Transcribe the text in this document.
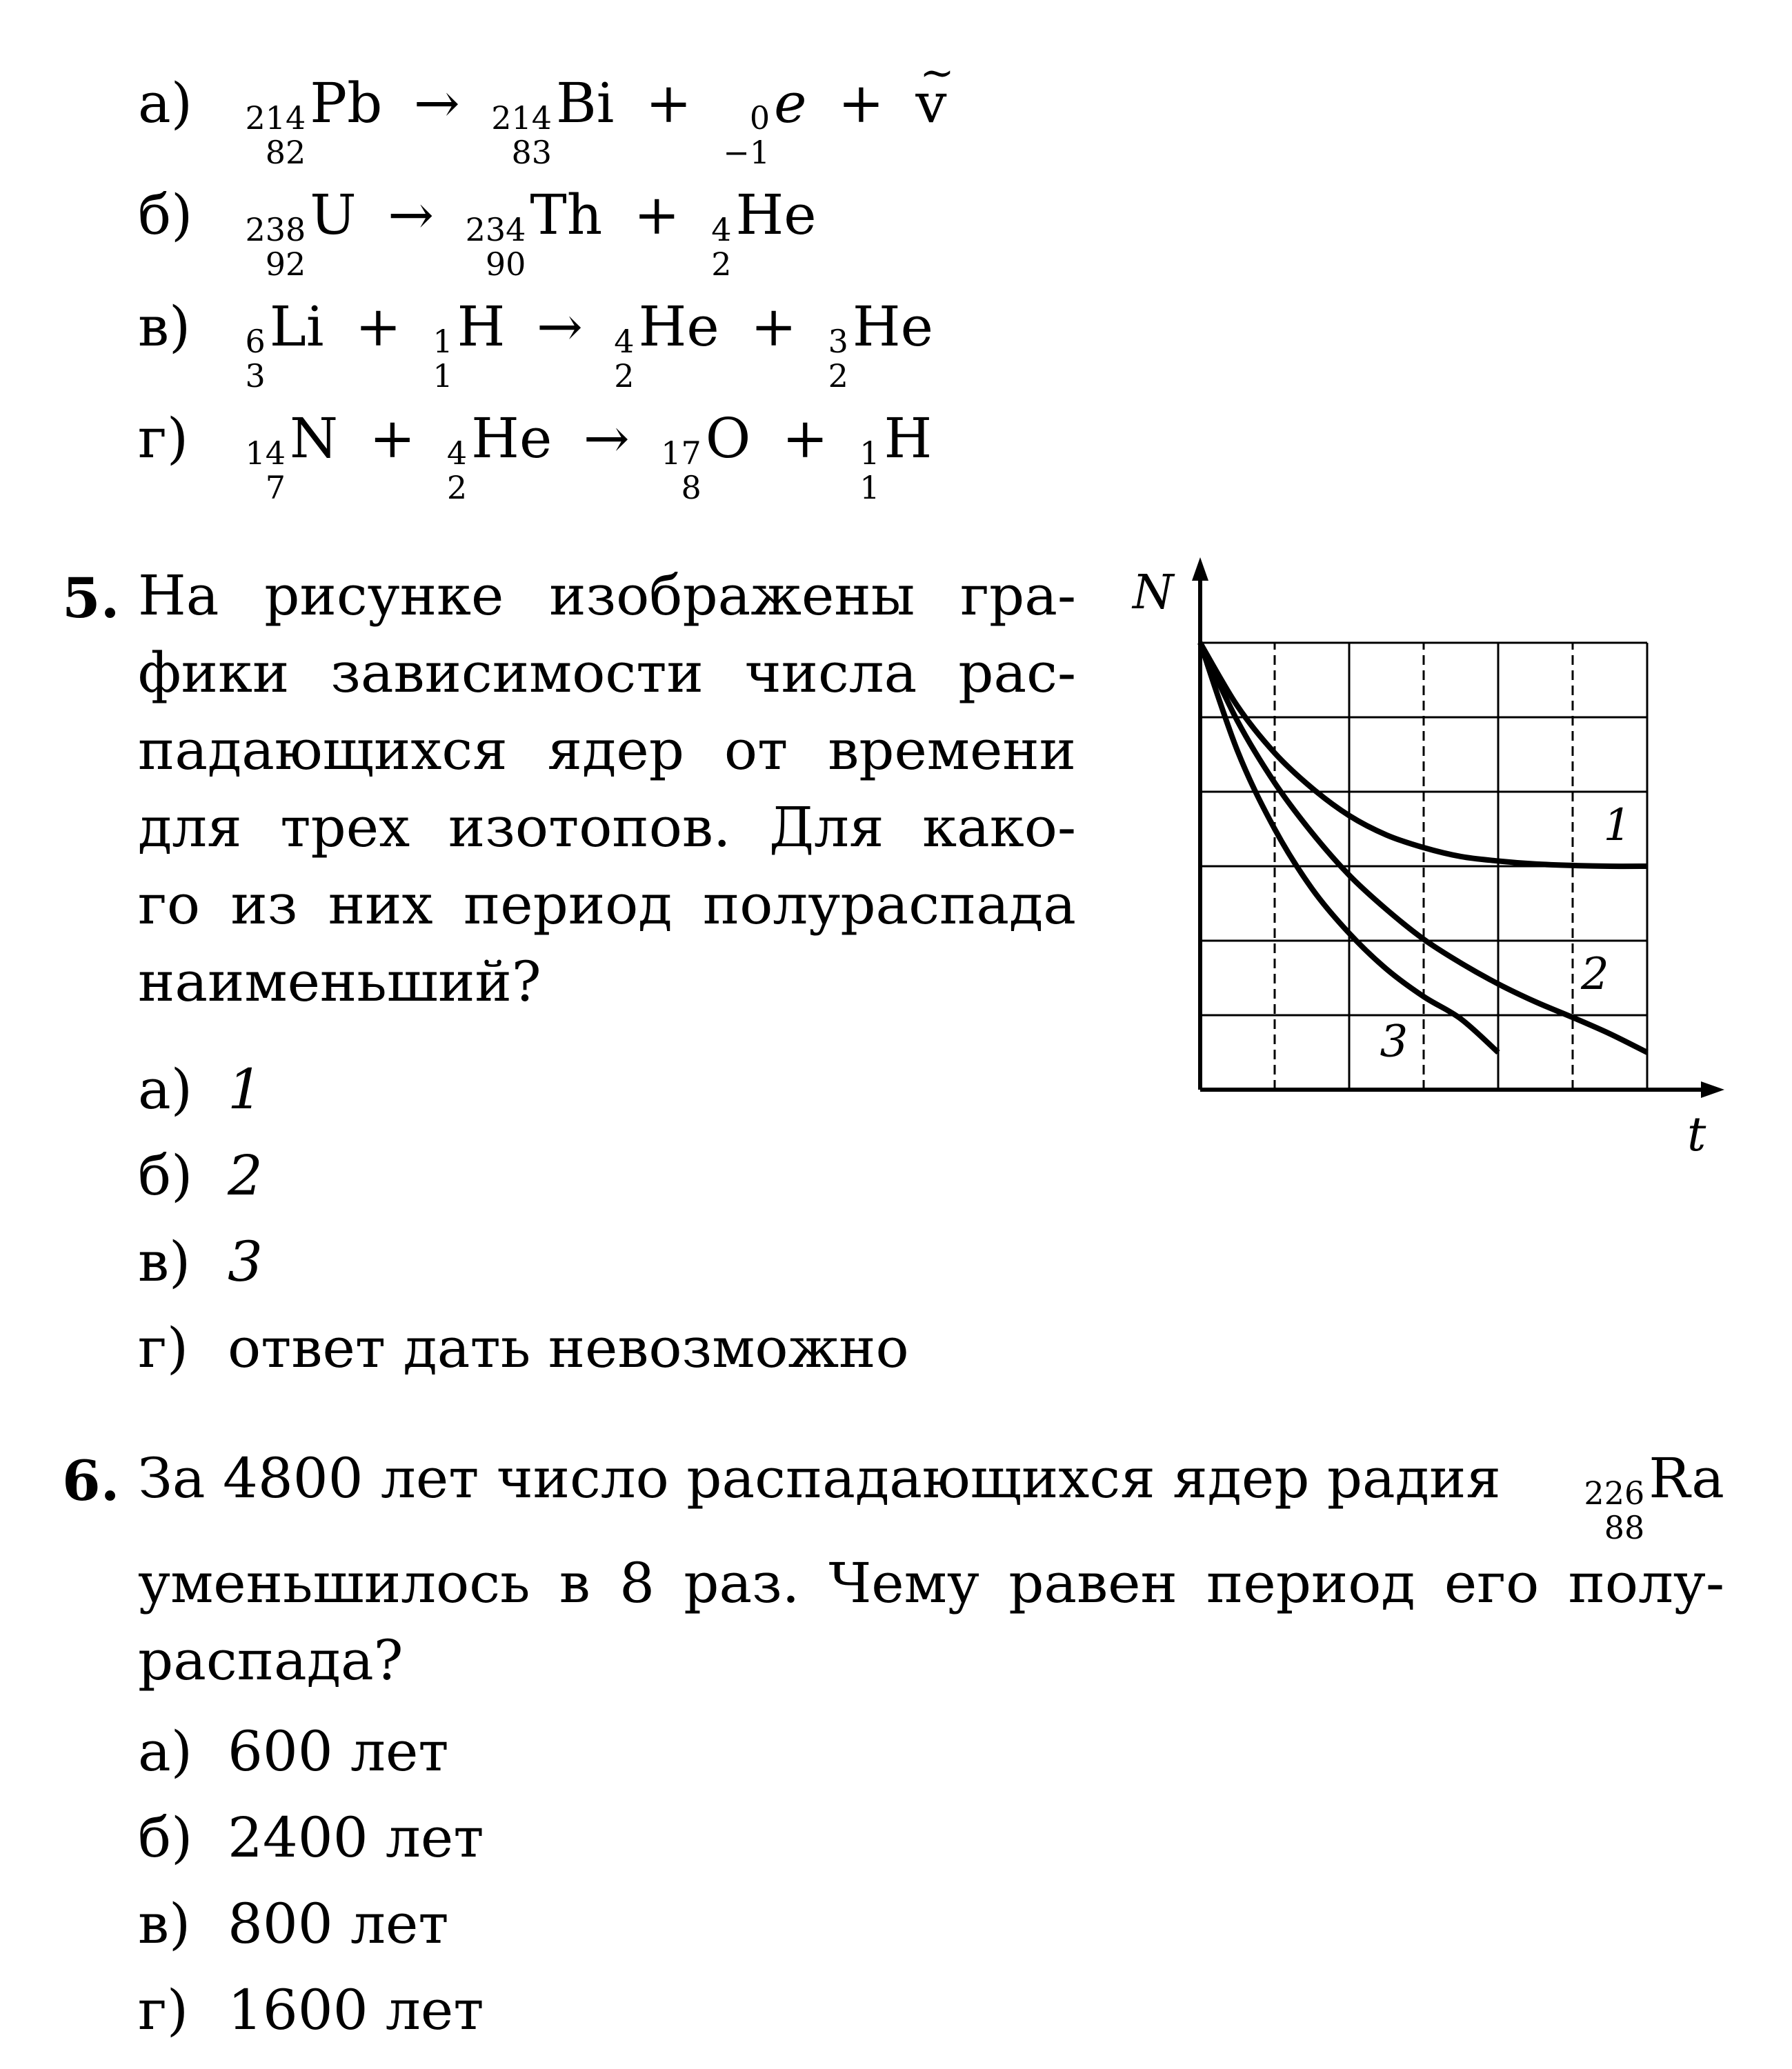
а) 214
82
Pb → 214
83
Bi + 0
−1
e + ~ v
б) 238
92
U → 234
90
Th + 4
2
He
в) 6
3
Li + 1
1
H → 4
2
He + 3
2
He
г) 14
7
N + 4
2
He → 17
8
O + 1
1
H
5. На рисунке изображены гра-
фики зависимости числа рас-
падающихся ядер от времени
для трех изотопов. Для како-
го из них период полураспада
наименьший?
а) 1
б) 2
в) 3
г) ответ дать невозможно
N
t
1
2
3
6. За 4800 лет число распадающихся ядер радия	226
88
Ra
уменьшилось в 8 раз. Чему равен период его полу-
распада?
а) 600 лет
б) 2400 лет
в) 800 лет
г) 1600 лет
